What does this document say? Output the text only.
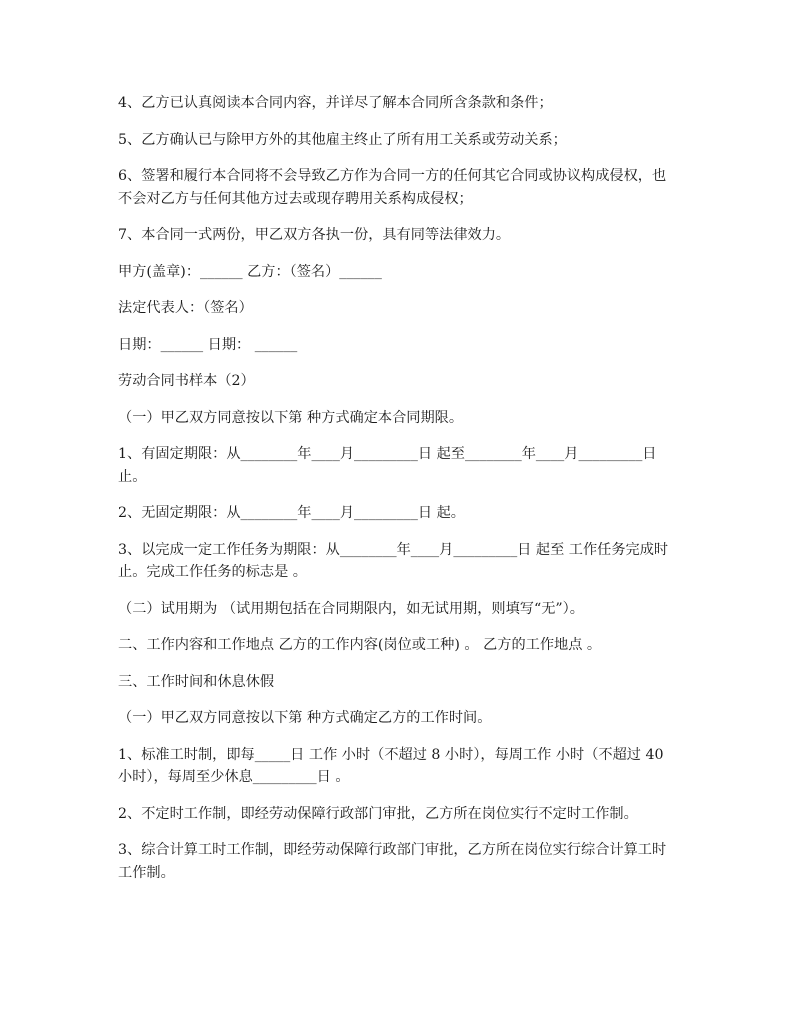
4、乙方已认真阅读本合同内容，并详尽了解本合同所含条款和条件；

5、乙方确认已与除甲方外的其他雇主终止了所有用工关系或劳动关系；

6、签署和履行本合同将不会导致乙方作为合同一方的任何其它合同或协议构成侵权，也不会对乙方与任何其他方过去或现存聘用关系构成侵权；

7、本合同一式两份，甲乙双方各执一份，具有同等法律效力。

甲方(盖章)：______ 乙方：（签名）______

法定代表人：（签名）

日期：______ 日期： ______

劳动合同书样本（2）

（一）甲乙双方同意按以下第 种方式确定本合同期限。

1、有固定期限：从________年____月_________日 起至________年____月_________日 止。

2、无固定期限：从________年____月_________日 起。

3、以完成一定工作任务为期限：从________年____月_________日 起至 工作任务完成时止。完成工作任务的标志是 。

（二）试用期为 （试用期包括在合同期限内，如无试用期，则填写“无”）。

二、工作内容和工作地点 乙方的工作内容(岗位或工种) 。 乙方的工作地点 。

三、工作时间和休息休假

（一）甲乙双方同意按以下第 种方式确定乙方的工作时间。

1、标准工时制，即每_____日 工作 小时（不超过 8 小时），每周工作 小时（不超过 40 小时），每周至少休息_________日 。

2、不定时工作制，即经劳动保障行政部门审批，乙方所在岗位实行不定时工作制。

3、综合计算工时工作制，即经劳动保障行政部门审批，乙方所在岗位实行综合计算工时工作制。
